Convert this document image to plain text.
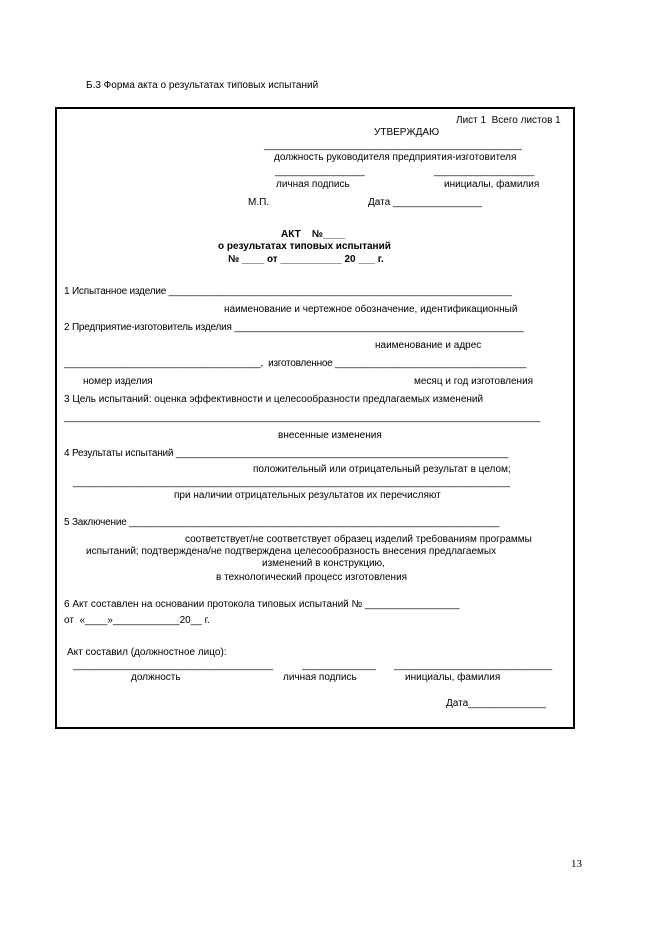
Б.3 Форма акта о результатах типовых испытаний
Лист 1  Всего листов 1
УТВЕРЖДАЮ
_________________________________________________
должность руководителя предприятия-изготовителя
_________________	___________________
личная подпись	инициалы, фамилия
М.П.	Дата ________________
АКТ    №____
о результатах типовых испытаний
№ ____ от ___________ 20 ___ г.
1 Испытанное изделие ________________________________________________________________
наименование и чертежное обозначение, идентификационный
2 Предприятие-изготовитель изделия ______________________________________________________
наименование и адрес
_____________________________________,  изготовленное ____________________________________
номер изделия	месяц и год изготовления
3 Цель испытаний: оценка эффективности и целесообразности предлагаемых изменений
________________________________________________________________________________________
внесенные изменения
4 Результаты испытаний ______________________________________________________________
положительный или отрицательный результат в целом;
________________________________________________________________________________
при наличии отрицательных результатов их перечисляют
5 Заключение _____________________________________________________________________
соответствует/не соответствует образец изделий требованиям программы
испытаний; подтверждена/не подтверждена целесообразность внесения предлагаемых
изменений в конструкцию,
в технологический процесс изготовления
6 Акт составлен на основании протокола типовых испытаний № _________________
от  «____»____________20__ г.
Акт составил (должностное лицо):
______________________________________	______________ ______________________________
должность	личная подпись	инициалы, фамилия
Дата______________
13
